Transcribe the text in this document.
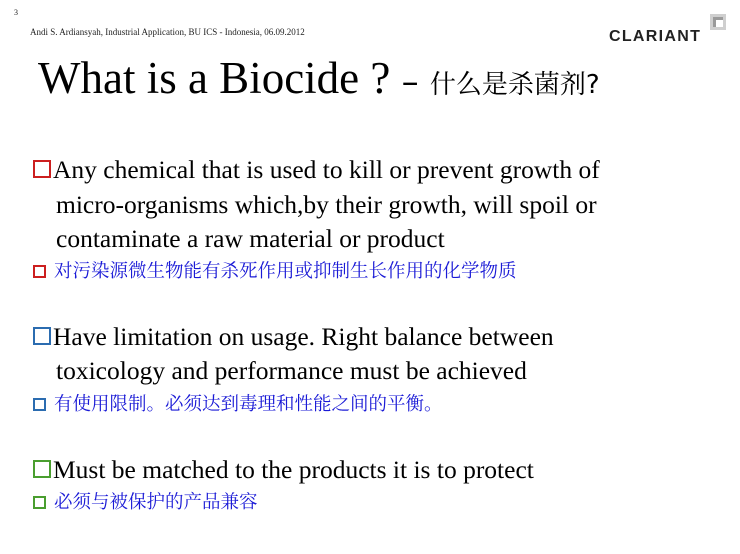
3
Andi S. Ardiansyah, Industrial Application, BU ICS - Indonesia, 06.09.2012	CLARIANT
What is a Biocide ? – 什么是杀菌剂?
Any chemical that is used to kill or prevent growth of
micro-organisms which,by their growth, will spoil or
contaminate a raw material or product
对污染源微生物能有杀死作用或抑制生长作用的化学物质
Have limitation on usage. Right balance between
toxicology and performance must be achieved
有使用限制。必须达到毒理和性能之间的平衡。
Must be matched to the products it is to protect
必须与被保护的产品兼容
